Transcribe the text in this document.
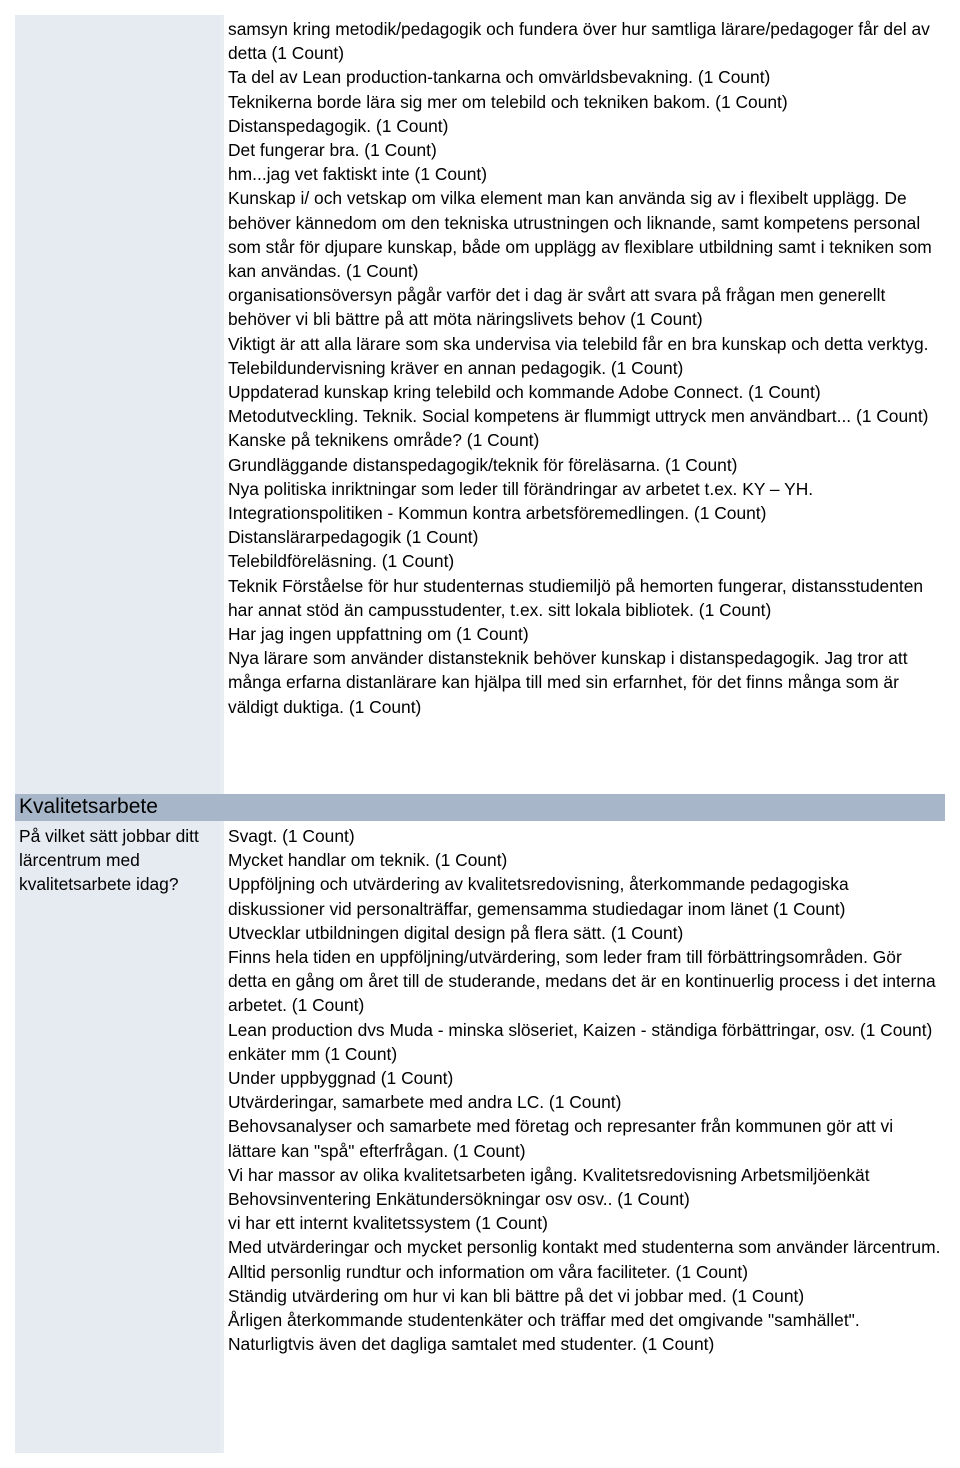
samsyn kring metodik/pedagogik och fundera över hur samtliga lärare/pedagoger får del av detta (1 Count)
Ta del av Lean production-tankarna och omvärldsbevakning. (1 Count)
Teknikerna borde lära sig mer om telebild och tekniken bakom. (1 Count)
Distanspedagogik. (1 Count)
Det fungerar bra. (1 Count)
hm...jag vet faktiskt inte (1 Count)
Kunskap i/ och vetskap om vilka element man kan använda sig av i flexibelt upplägg. De behöver kännedom om den tekniska utrustningen och liknande, samt kompetens personal som står för djupare kunskap, både om upplägg av flexiblare utbildning samt i tekniken som kan användas. (1 Count)
organisationsöversyn pågår varför det i dag är svårt att svara på frågan men generellt behöver vi bli bättre på att möta näringslivets behov (1 Count)
Viktigt är att alla lärare som ska undervisa via telebild får en bra kunskap och detta verktyg. Telebildundervisning kräver en annan pedagogik. (1 Count)
Uppdaterad kunskap kring telebild och kommande Adobe Connect. (1 Count)
Metodutveckling. Teknik. Social kompetens är flummigt uttryck men användbart... (1 Count)
Kanske på teknikens område? (1 Count)
Grundläggande distanspedagogik/teknik för föreläsarna. (1 Count)
Nya politiska inriktningar som leder till förändringar av arbetet t.ex. KY – YH.
Integrationspolitiken - Kommun kontra arbetsföremedlingen. (1 Count)
Distanslärarpedagogik (1 Count)
Telebildföreläsning. (1 Count)
Teknik Förståelse för hur studenternas studiemiljö på hemorten fungerar, distansstudenten har annat stöd än campusstudenter, t.ex. sitt lokala bibliotek. (1 Count)
Har jag ingen uppfattning om (1 Count)
Nya lärare som använder distansteknik behöver kunskap i distanspedagogik. Jag tror att många erfarna distanlärare kan hjälpa till med sin erfarnhet, för det finns många som är väldigt duktiga. (1 Count)
Kvalitetsarbete

På vilket sätt jobbar ditt lärcentrum med kvalitetsarbete idag?

Svagt. (1 Count)
Mycket handlar om teknik. (1 Count)
Uppföljning och utvärdering av kvalitetsredovisning, återkommande pedagogiska diskussioner vid personalträffar, gemensamma studiedagar inom länet (1 Count)
Utvecklar utbildningen digital design på flera sätt. (1 Count)
Finns hela tiden en uppföljning/utvärdering, som leder fram till förbättringsområden. Gör detta en gång om året till de studerande, medans det är en kontinuerlig process i det interna arbetet. (1 Count)
Lean production dvs Muda - minska slöseriet, Kaizen - ständiga förbättringar, osv. (1 Count)
enkäter mm (1 Count)
Under uppbyggnad (1 Count)
Utvärderingar, samarbete med andra LC. (1 Count)
Behovsanalyser och samarbete med företag och represanter från kommunen gör att vi lättare kan "spå" efterfrågan. (1 Count)
Vi har massor av olika kvalitetsarbeten igång. Kvalitetsredovisning Arbetsmiljöenkät Behovsinventering Enkätundersökningar osv osv.. (1 Count)
vi har ett internt kvalitetssystem (1 Count)
Med utvärderingar och mycket personlig kontakt med studenterna som använder lärcentrum. Alltid personlig rundtur och information om våra faciliteter. (1 Count)
Ständig utvärdering om hur vi kan bli bättre på det vi jobbar med. (1 Count)
Årligen återkommande studentenkäter och träffar med det omgivande "samhället". Naturligtvis även det dagliga samtalet med studenter. (1 Count)
